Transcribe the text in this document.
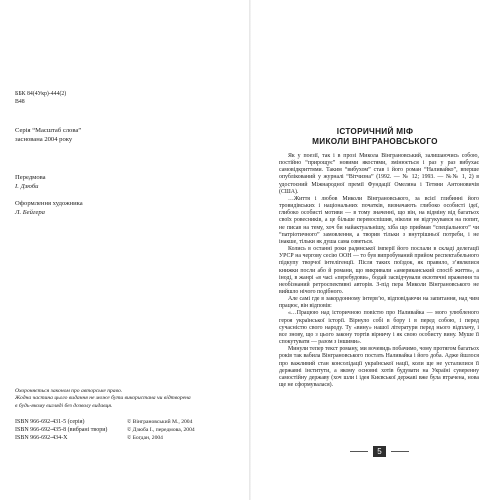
ББК 84(4Укр)-444(2)
В48
Серія “Масштаб слова”
заснована 2004 року
Передмова
І. Дзюби
Оформлення художника
Л. Бейгера
Охороняється законом про авторське право.
Жодна частина цього видання не може бути використана чи відтворена
в будь-якому вигляді без дозволу видавця.
ISBN 966-692-431-5 (серія)
ISBN 966-692-435-8 (вибрані твори)
ISBN 966-692-434-X
© Вінграновський М., 2004
© Дзюба І., передмова, 2004
© Богдан, 2004
ІСТОРИЧНИЙ МІФ
МИКОЛИ ВІНГРАНОВСЬКОГО

Як у поезії, так і в прозі Микола Вінграновський, залишаючись собою, постійно “прирощує” новими якостями, змінюється і раз у раз вибухає самовідкриттями. Таким “вибухом” став і його роман “Наливайко”, вперше опублікований у журналі “Вітчизна” (1992. — № 12; 1993. — №№ 1, 2) в удостоєний Міжнародної премії Фундації Омеляна і Тетяни Антоновичів (США).

…Життя і любов Миколи Вінграновського, за всієї глибинні його тровидівських і національних початків, визначають глибоко особисті ідеї, глибоко особисті мотиви — в тому значенні, що він, на відміну від багатьох своїх ровесників, а це більше перевоспішив, ніколи не відгукувався на попит, не писав на тему, хоч би найактуальнішу, хіба що приймав “спеціального” чи “патріотичного” замовлення, а творив тільки з внутрішньої потреби, і не інакше, тільки як душа сама озветься.

Колись в останні роки радянської імперії його послали в складі делегації УРСР на чергову сесію ООН — то був випробуваний прийом респектабельного підкупу творчої інтелігенції. Після таких поїздок, як правило, з’являлися книжки посли або й романи, що викривали «американський спосіб життя», а іноді, в жанрі «в часі «перебудови», бодай засвідчували екзотичні враження та необізнаний ретроспективні авторів. З-під пера Миколи Вінграновського не вийшло нічого подібного.

Але самі где в закордонному інтерв’ю, відповідаючи на запитання, над чим працює, він відповів:

«…Працюю над історичною повістю про Наливайка — мого улюбленого героя української історії. Вірнуло собі в бору і в перед собою, і перед сучасністю свого народу. Ту «вину» нашої літератури перед нього відплачу, і все знову, що з цього закону тортів вірничу і як свою особисту вину. Муше її спокутувати — разом з іншими».

Минули тепер текст роману, ми вочевидь побачимо, чому протягом багатьох років так вабила Вінграновського постать Наливайка і його доба. Адже йшлося про важливий стан консолідації української нації, коли ще не усталилися її державні інститути, а якому основні хотів будувати на Україні суверенну самостійну державу (хоч шли і ідея Києвської державі вже була втрачена, нова ще не сформувалася).

5
